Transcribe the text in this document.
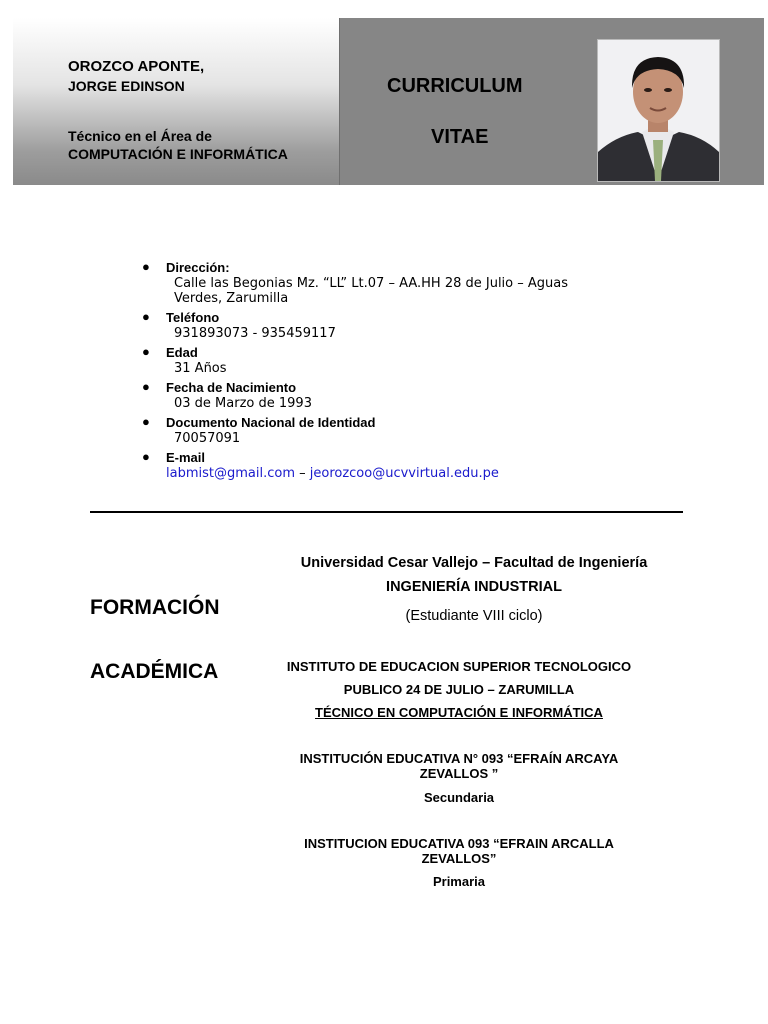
OROZCO APONTE,
JORGE EDINSON
Técnico en el Área de
COMPUTACIÓN E INFORMÁTICA
CURRICULUM
VITAE
● Dirección:
Calle las Begonias Mz. “LL” Lt.07 – AA.HH 28 de Julio – Aguas
Verdes, Zarumilla
● Teléfono
931893073 - 935459117
● Edad
31 Años
● Fecha de Nacimiento
03 de Marzo de 1993
● Documento Nacional de Identidad
70057091
● E-mail
labmist@gmail.com – jeorozcoo@ucvvirtual.edu.pe
FORMACIÓN
ACADÉMICA
Universidad Cesar Vallejo – Facultad de Ingeniería
INGENIERÍA INDUSTRIAL
(Estudiante VIII ciclo)
INSTITUTO DE EDUCACION SUPERIOR TECNOLOGICO
PUBLICO 24 DE JULIO – ZARUMILLA
TÉCNICO EN COMPUTACIÓN E INFORMÁTICA
INSTITUCIÓN EDUCATIVA N° 093 “EFRAÍN ARCAYA
ZEVALLOS ”
Secundaria
INSTITUCION EDUCATIVA 093 “EFRAIN ARCALLA
ZEVALLOS”
Primaria
